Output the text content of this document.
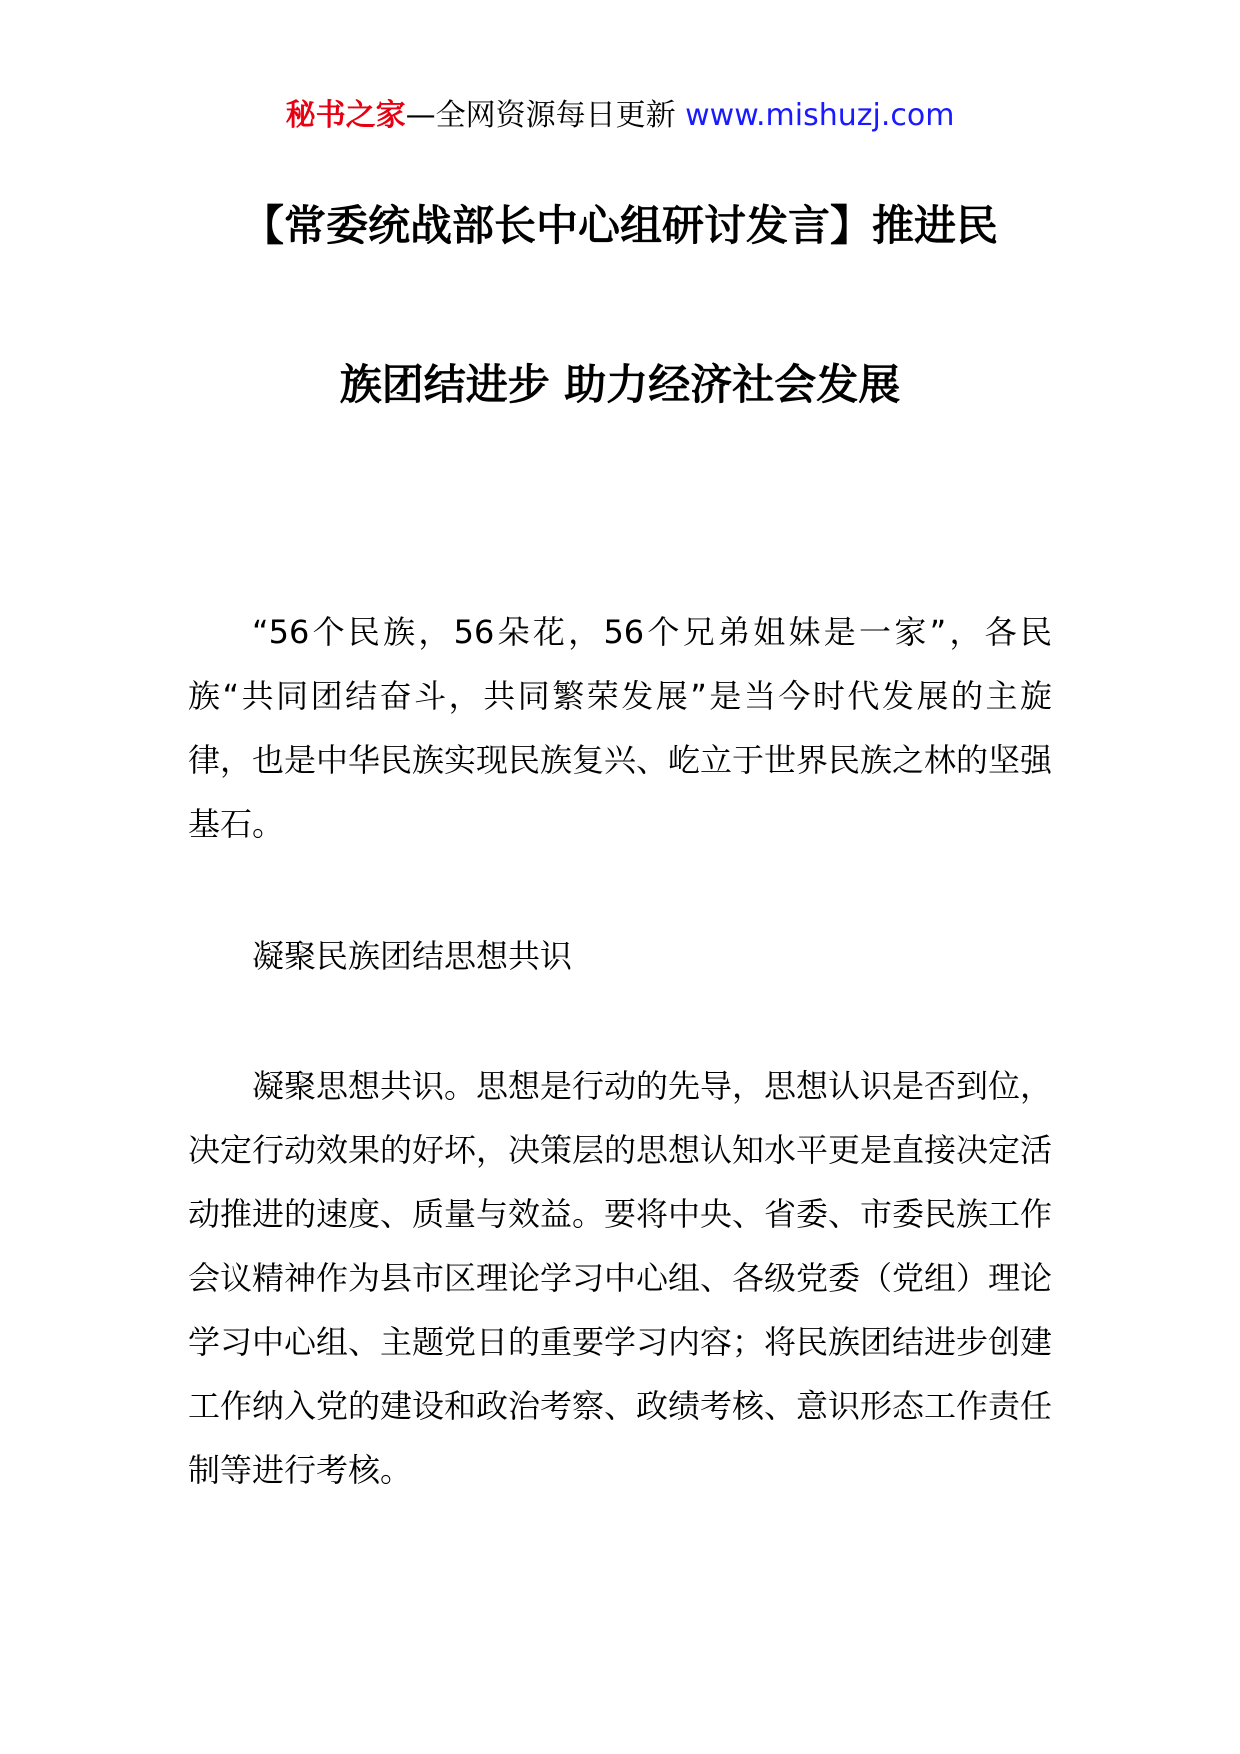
秘书之家—全网资源每日更新 www.mishuzj.com
【常委统战部长中心组研讨发言】推进民
族团结进步 助力经济社会发展

“56个民族，56朵花，56个兄弟姐妹是一家”，各民族“共同团结奋斗，共同繁荣发展”是当今时代发展的主旋律，也是中华民族实现民族复兴、屹立于世界民族之林的坚强基石。

凝聚民族团结思想共识

凝聚思想共识。思想是行动的先导，思想认识是否到位，决定行动效果的好坏，决策层的思想认知水平更是直接决定活动推进的速度、质量与效益。要将中央、省委、市委民族工作会议精神作为县市区理论学习中心组、各级党委（党组）理论学习中心组、主题党日的重要学习内容；将民族团结进步创建工作纳入党的建设和政治考察、政绩考核、意识形态工作责任制等进行考核。
